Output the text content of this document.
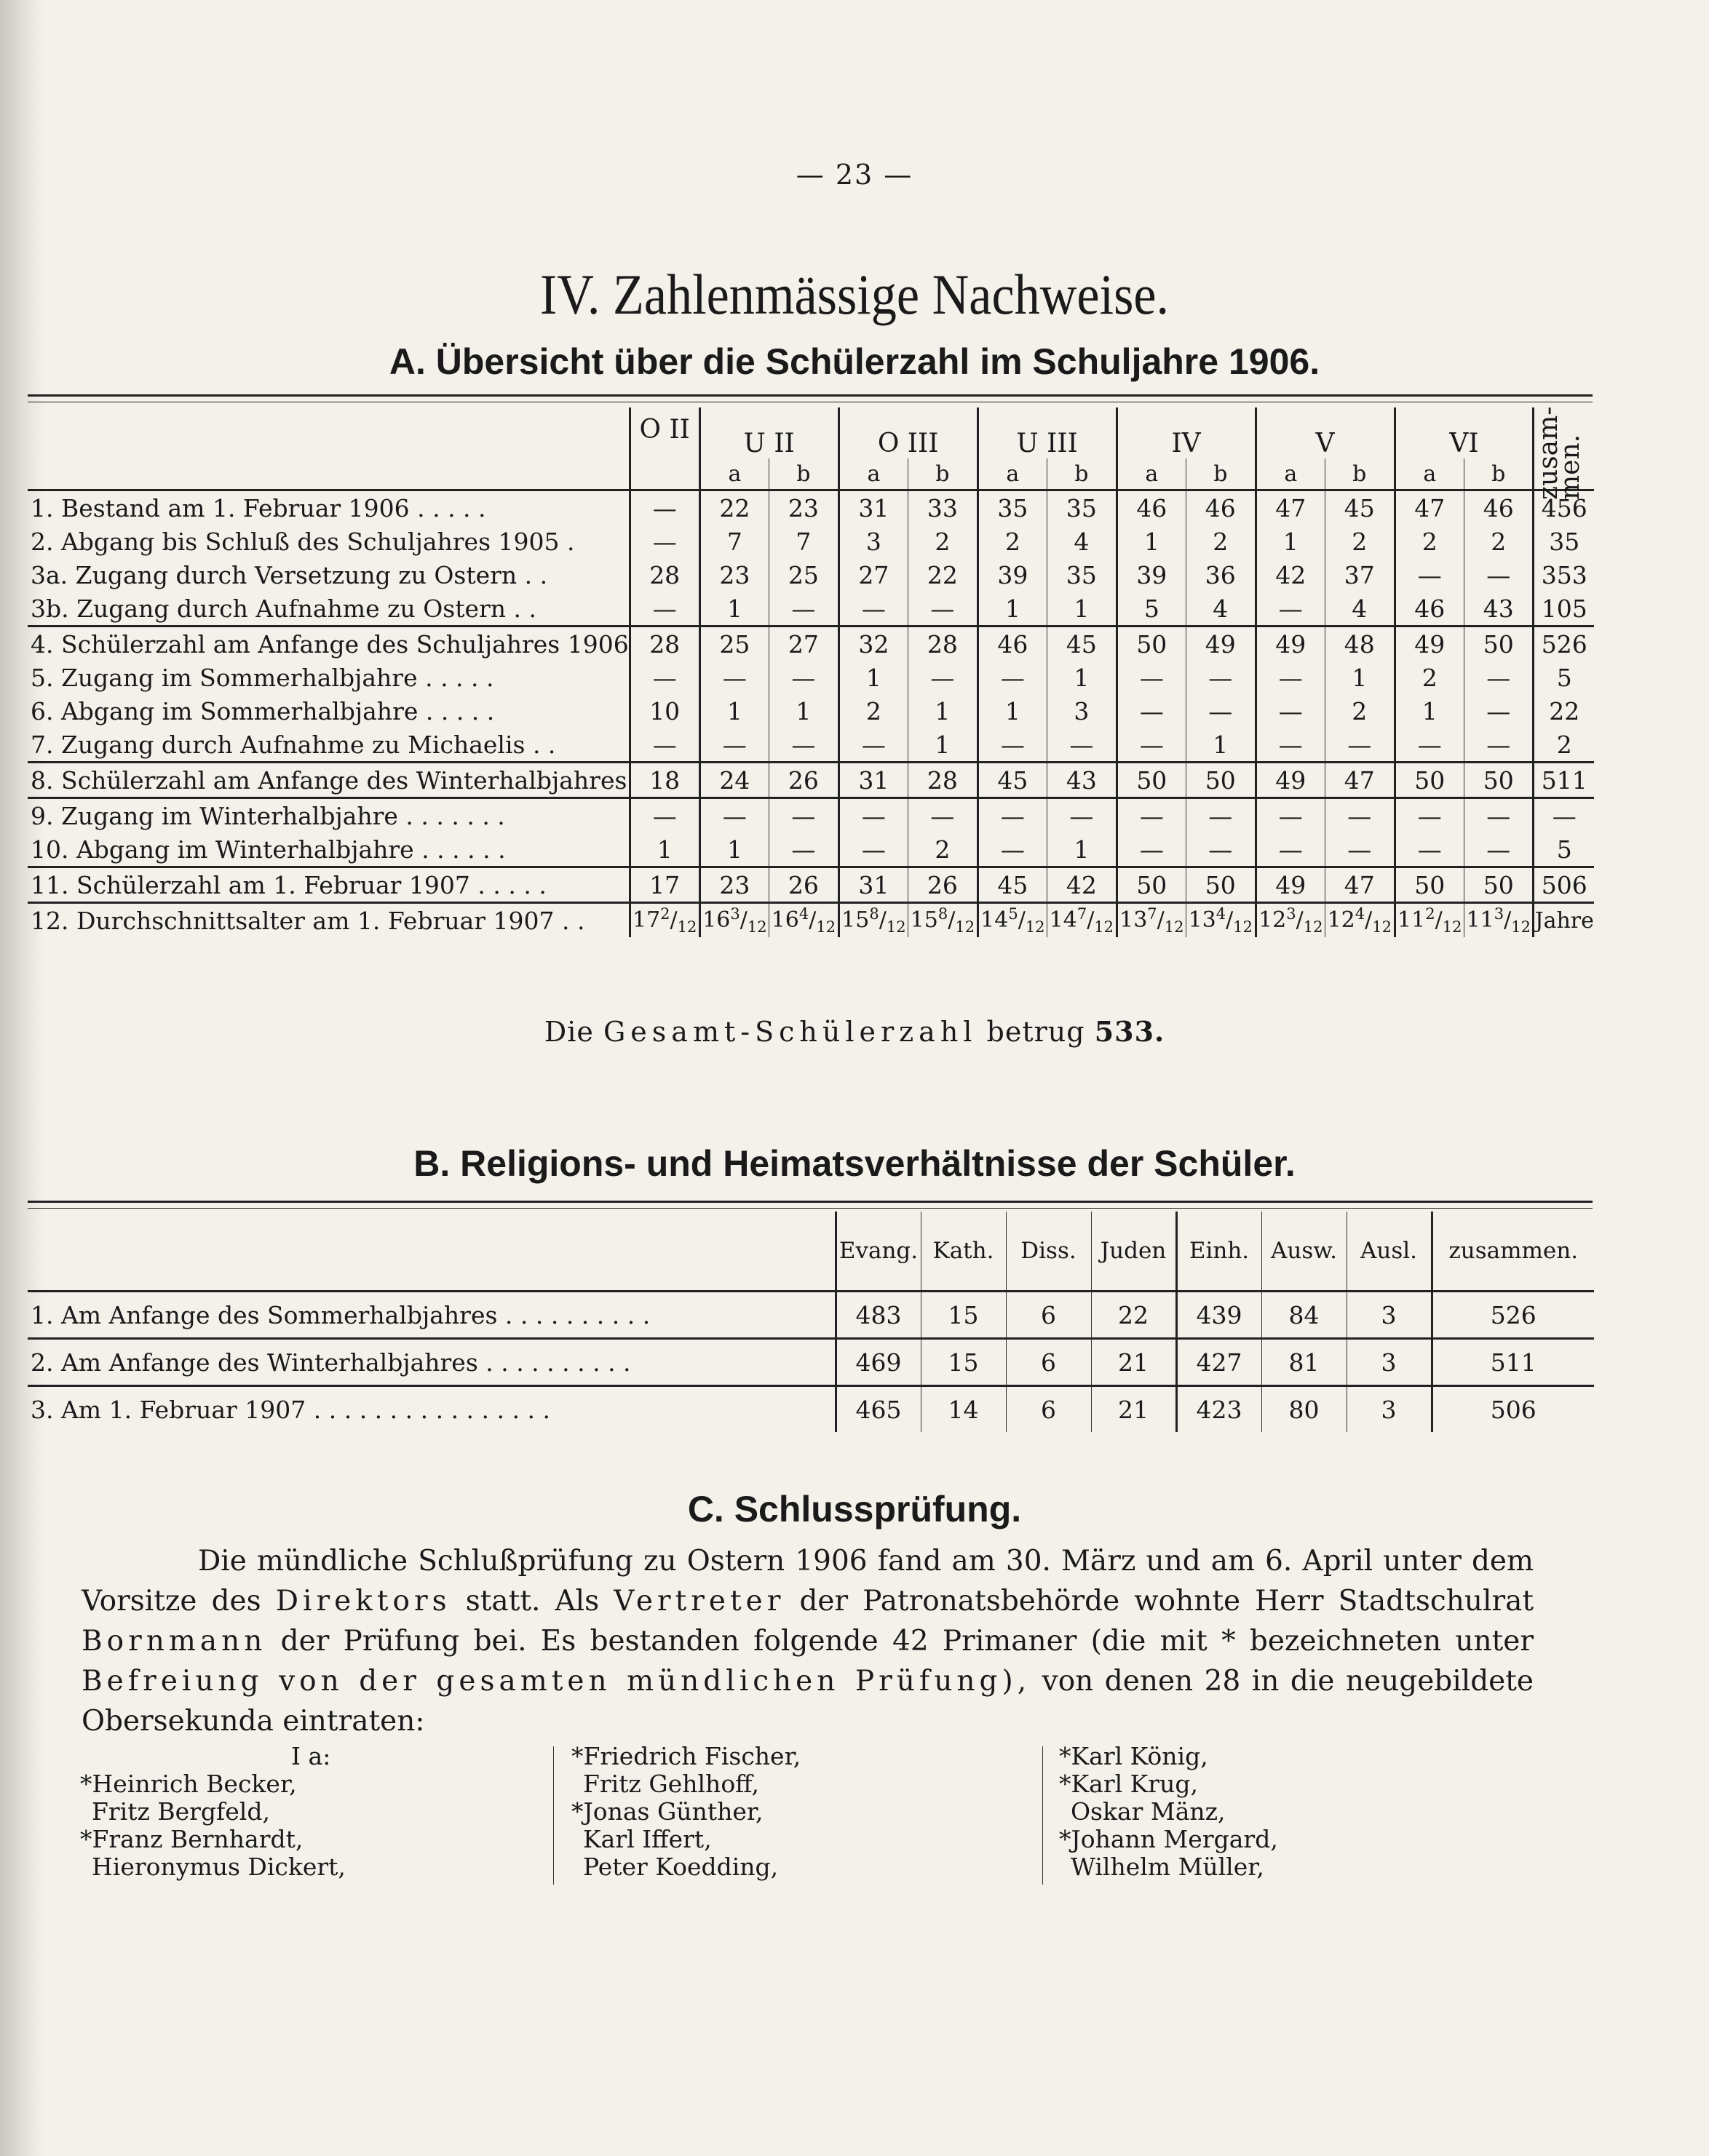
— 23 —
IV. Zahlenmässige Nachweise.
A. Übersicht über die Schülerzahl im Schuljahre 1906.
	O II	U II		O III		U III		IV		V		VI		zusam-men.

		a	b	a	b	a	b	a	b	a	b	a	b	
1. Bestand am 1. Februar 1906 . . . . .	—	22	23	31	33	35	35	46	46	47	45	47	46	456
2. Abgang bis Schluß des Schuljahres 1905 .	—	7	7	3	2	2	4	1	2	1	2	2	2	35
3a. Zugang durch Versetzung zu Ostern . .	28	23	25	27	22	39	35	39	36	42	37	—	—	353
3b. Zugang durch Aufnahme zu Ostern . .	—	1	—	—	—	1	1	5	4	—	4	46	43	105
4. Schülerzahl am Anfange des Schuljahres 1906	28	25	27	32	28	46	45	50	49	49	48	49	50	526
5. Zugang im Sommerhalbjahre . . . . .	—	—	—	1	—	—	1	—	—	—	1	2	—	5
6. Abgang im Sommerhalbjahre . . . . .	10	1	1	2	1	1	3	—	—	—	2	1	—	22
7. Zugang durch Aufnahme zu Michaelis . .	—	—	—	—	1	—	—	—	1	—	—	—	—	2
8. Schülerzahl am Anfange des Winterhalbjahres	18	24	26	31	28	45	43	50	50	49	47	50	50	511
9. Zugang im Winterhalbjahre . . . . . . .	—	—	—	—	—	—	—	—	—	—	—	—	—	—
10. Abgang im Winterhalbjahre . . . . . .	1	1	—	—	2	—	1	—	—	—	—	—	—	5
11. Schülerzahl am 1. Februar 1907 . . . . .	17	23	26	31	26	45	42	50	50	49	47	50	50	506
12. Durchschnittsalter am 1. Februar 1907 . .	$17^2/_{12}$	$16^3/_{12}$	$16^4/_{12}$	$15^8/_{12}$	$15^8/_{12}$	$14^5/_{12}$	$14^7/_{12}$	$13^7/_{12}$	$13^4/_{12}$	$12^3/_{12}$	$12^4/_{12}$	$11^2/_{12}$	$11^3/_{12}$	Jahre
Die Gesamt-Schülerzahl betrug 533.
B. Religions- und Heimatsverhältnisse der Schüler.
	Evang.	Kath.	Diss.	Juden	Einh.	Ausw.	Ausl.	zusammen.
1. Am Anfange des Sommerhalbjahres . . . . . . . . . .	483	15	6	22	439	84	3	526
2. Am Anfange des Winterhalbjahres . . . . . . . . . .	469	15	6	21	427	81	3	511
3. Am 1. Februar 1907 . . . . . . . . . . . . . . . .	465	14	6	21	423	80	3	506
C. Schlussprüfung.
Die mündliche Schlußprüfung zu Ostern 1906 fand am 30. März und am 6. April unter dem Vorsitze des Direktors statt. Als Vertreter der Patronatsbehörde wohnte Herr Stadtschulrat Bornmann der Prüfung bei. Es bestanden folgende 42 Primaner (die mit * bezeichneten unter Befreiung von der gesamten mündlichen Prüfung), von denen 28 in die neugebildete Obersekunda eintraten:
I a:
*Heinrich Becker,
Fritz Bergfeld,
*Franz Bernhardt,
Hieronymus Dickert,
*Friedrich Fischer,
Fritz Gehlhoff,
*Jonas Günther,
Karl Iffert,
Peter Koedding,
*Karl König,
*Karl Krug,
Oskar Mänz,
*Johann Mergard,
Wilhelm Müller,
